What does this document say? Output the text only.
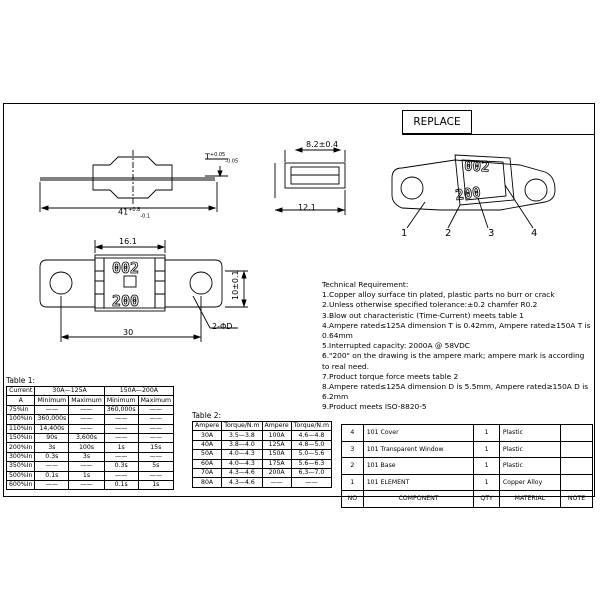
002
200
002
200
$41^{+0.8}_{-0.1}$
$T^{+0.05}_{-0.05}$
8.2±0.4
12.1
16.1
30
2-ΦD
10±0.1
1	2	3	4
REPLACE
Technical Requirement:
1.Copper alloy surface tin plated, plastic parts no burr or crack
2.Unless otherwise specified tolerance:±0.2 chamfer R0.2
3.Blow out characteristic (Time-Current) meets table 1
4.Ampere rated≤125A dimension T is 0.42mm, Ampere rated≥150A T is 0.64mm
5.Interrupted capacity: 2000A @ 58VDC
6."200" on the drawing is the ampere mark; ampere mark is according to real need.
7.Product torque force meets table 2
8.Ampere rated≤125A dimension D is 5.5mm, Ampere rated≥150A D is 6.2mm
9.Product meets ISO-8820-5
Table 1:
Current	30A—125A		150A—200A	
A	Minimum	Maximum	Minimum	Maximum
75%In	——	——	360,000s	——
100%In	360,000s	——	——	——
110%In	14,400s	——	——	——
150%In	90s	3,600s	——	——
200%In	3s	100s	1s	15s
300%In	0.3s	3s	——	——
350%In	——	——	0.3s	5s
500%In	0.1s	1s	——	——
600%In	——	——	0.1s	1s
Table 2:
Ampere	Torque/N.m	Ampere	Torque/N.m
30A	3.5—3.8	100A	4.6—4.8
40A	3.8—4.0	125A	4.8—5.0
50A	4.0—4.3	150A	5.0—5.6
60A	4.0—4.3	175A	5.6—6.3
70A	4.3—4.6	200A	6.3—7.0
80A	4.3—4.6	——	——
4	101 Cover	1	Plastic	
3	101 Transparent Window	1	Plastic	
2	101 Base	1	Plastic	
1	101 ELEMENT	1	Copper Alloy	
NO	COMPONENT	QTY	MATERIAL	NOTE
